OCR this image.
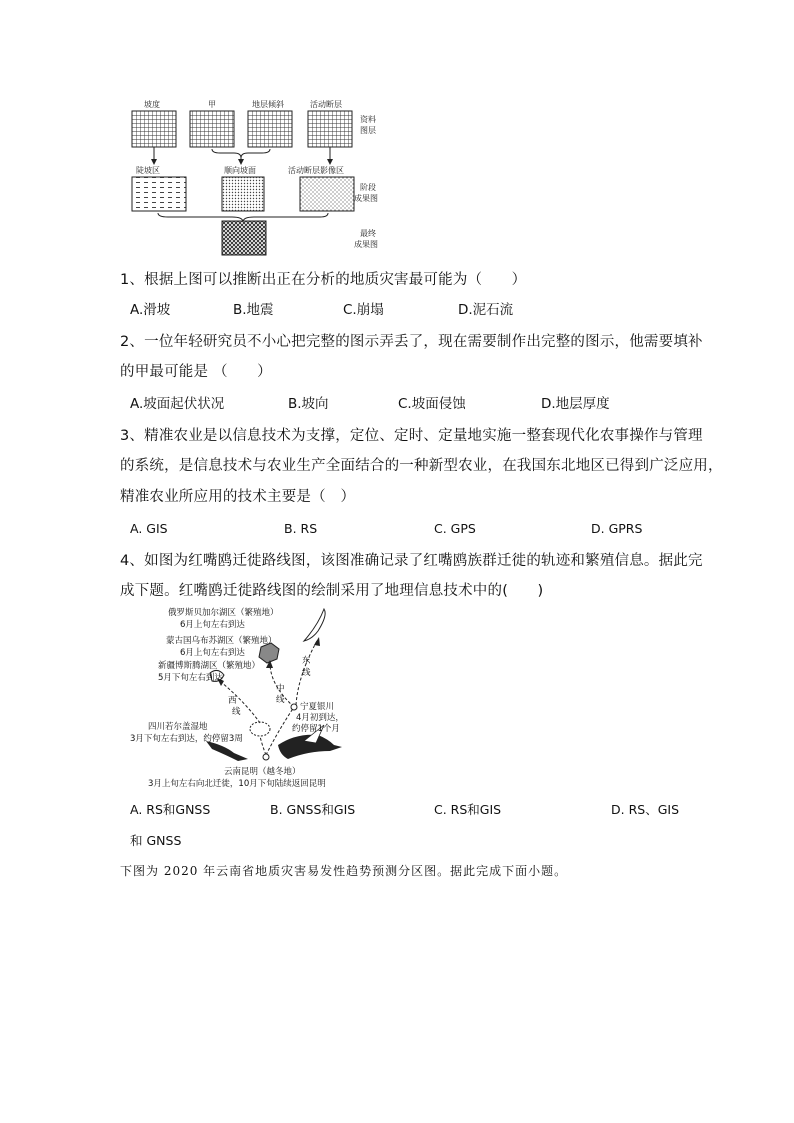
坡度	甲	地层倾斜	活动断层
资料
图层
陡坡区	顺向坡面	活动断层影像区
阶段
成果图
最终
成果图
1、根据上图可以推断出正在分析的地质灾害最可能为（　　）
A.滑坡	B.地震	C.崩塌	D.泥石流
2、一位年轻研究员不小心把完整的图示弄丢了，现在需要制作出完整的图示，他需要填补
的甲最可能是 （　　）
A.坡面起伏状况	B.坡向	C.坡面侵蚀	D.地层厚度
3、精准农业是以信息技术为支撑，定位、定时、定量地实施一整套现代化农事操作与管理
的系统，是信息技术与农业生产全面结合的一种新型农业，在我国东北地区已得到广泛应用，
精准农业所应用的技术主要是（　）
A. GIS	B. RS	C. GPS	D. GPRS
4、如图为红嘴鸥迁徙路线图，该图准确记录了红嘴鸥族群迁徙的轨迹和繁殖信息。据此完
成下题。红嘴鸥迁徙路线图的绘制采用了地理信息技术中的(　　)
俄罗斯贝加尔湖区（繁殖地）
6月上旬左右到达
蒙古国乌布苏湖区（繁殖地）
6月上旬左右到达
新疆博斯腾湖区（繁殖地）
5月下旬左右到达
东
线
中
线
西
线	宁夏银川
4月初到达，
约停留1个月
四川若尔盖湿地
3月下旬左右到达，约停留3周
云南昆明（越冬地）
3月上旬左右向北迁徙，10月下旬陆续返回昆明
A. RS和GNSS	B. GNSS和GIS	C. RS和GIS	D. RS、GIS
和 GNSS
下图为 2020 年云南省地质灾害易发性趋势预测分区图。据此完成下面小题。
